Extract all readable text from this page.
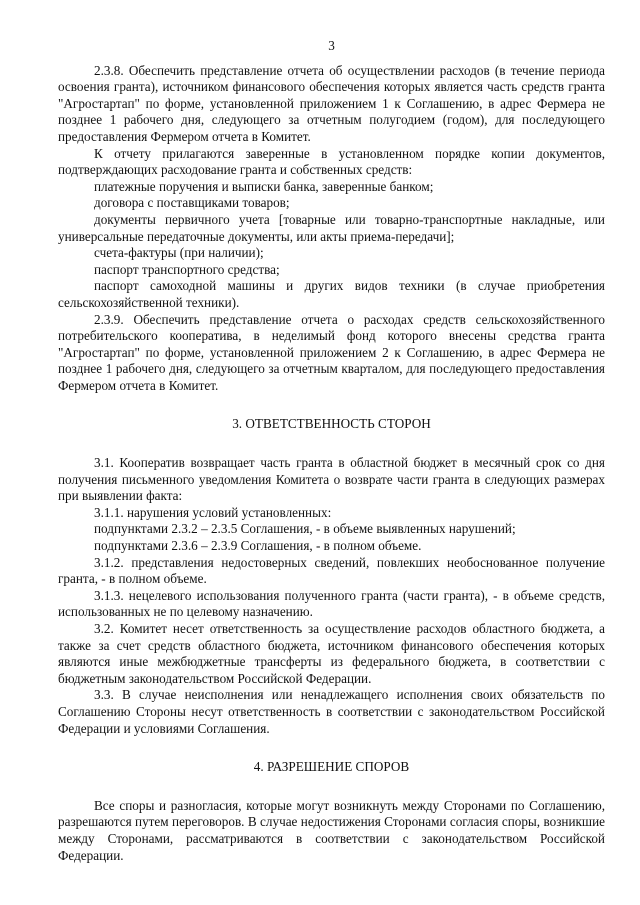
3

2.3.8. Обеспечить представление отчета об осуществлении расходов (в течение периода освоения гранта), источником финансового обеспечения которых является часть средств гранта "Агростартап" по форме, установленной приложением 1 к Соглашению, в адрес Фермера не позднее 1 рабочего дня, следующего за отчетным полугодием (годом), для последующего предоставления Фермером отчета в Комитет.

К отчету прилагаются заверенные в установленном порядке копии документов, подтверждающих расходование гранта и собственных средств:

платежные поручения и выписки банка, заверенные банком;

договора с поставщиками товаров;

документы первичного учета [товарные или товарно-транспортные накладные, или универсальные передаточные документы, или акты приема-передачи];

счета-фактуры (при наличии);

паспорт транспортного средства;

паспорт самоходной машины и других видов техники (в случае приобретения сельскохозяйственной техники).

2.3.9. Обеспечить представление отчета о расходах средств сельскохозяйственного потребительского кооператива, в неделимый фонд которого внесены средства гранта "Агростартап" по форме, установленной приложением 2 к Соглашению, в адрес Фермера не позднее 1 рабочего дня, следующего за отчетным кварталом, для последующего предоставления Фермером отчета в Комитет.

3. ОТВЕТСТВЕННОСТЬ СТОРОН

3.1. Кооператив возвращает часть гранта в областной бюджет в месячный срок со дня получения письменного уведомления Комитета о возврате части гранта в следующих размерах при выявлении факта:

3.1.1. нарушения условий установленных:

подпунктами 2.3.2 – 2.3.5 Соглашения, - в объеме выявленных нарушений;

подпунктами 2.3.6 – 2.3.9 Соглашения, - в полном объеме.

3.1.2. представления недостоверных сведений, повлекших необоснованное получение гранта, - в полном объеме.

3.1.3. нецелевого использования полученного гранта (части гранта), - в объеме средств, использованных не по целевому назначению.

3.2. Комитет несет ответственность за осуществление расходов областного бюджета, а также за счет средств областного бюджета, источником финансового обеспечения которых являются иные межбюджетные трансферты из федерального бюджета, в соответствии с бюджетным законодательством Российской Федерации.

3.3. В случае неисполнения или ненадлежащего исполнения своих обязательств по Соглашению Стороны несут ответственность в соответствии с законодательством Российской Федерации и условиями Соглашения.

4. РАЗРЕШЕНИЕ СПОРОВ

Все споры и разногласия, которые могут возникнуть между Сторонами по Соглашению, разрешаются путем переговоров. В случае недостижения Сторонами согласия споры, возникшие между Сторонами, рассматриваются в соответствии с законодательством Российской Федерации.
